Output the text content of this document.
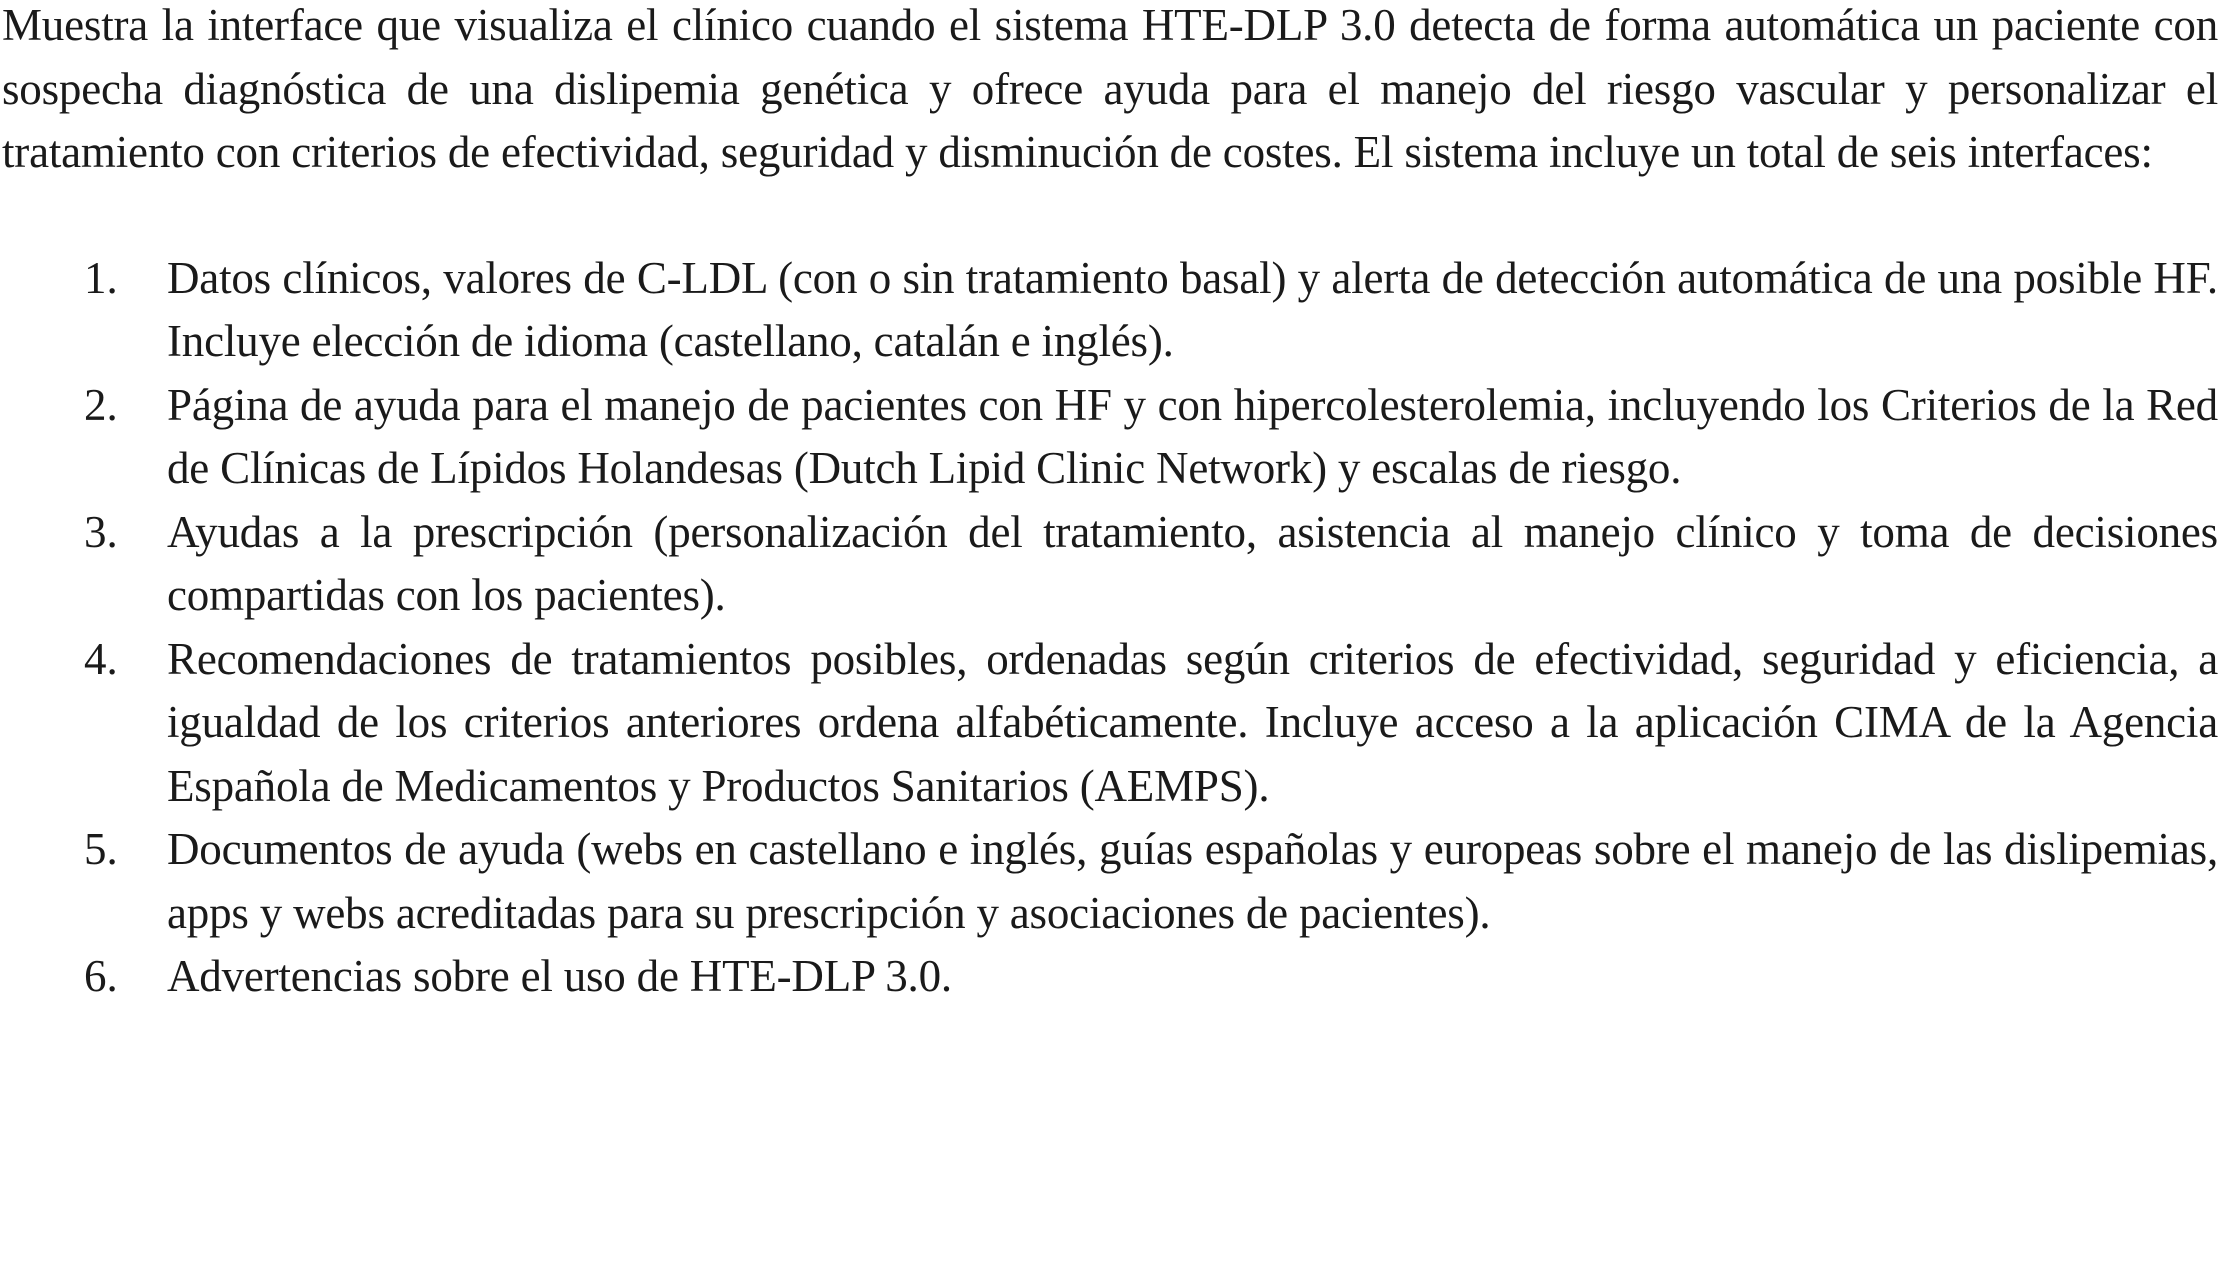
Muestra la interface que visualiza el clínico cuando el sistema HTE-DLP 3.0 detecta de forma automática un paciente con sospecha diagnóstica de una dislipemia genética y ofrece ayuda para el manejo del riesgo vascular y personalizar el tratamiento con criterios de efectividad, seguridad y disminución de costes. El sistema incluye un total de seis interfaces:

1.	Datos clínicos, valores de C-LDL (con o sin tratamiento basal) y alerta de detección automática de una posible HF. Incluye elección de idioma (castellano, catalán e inglés).
2.	Página de ayuda para el manejo de pacientes con HF y con hipercolesterolemia, incluyendo los Criterios de la Red de Clínicas de Lípidos Holandesas (Dutch Lipid Clinic Network) y escalas de riesgo.
3.	Ayudas a la prescripción (personalización del tratamiento, asistencia al manejo clínico y toma de decisiones compartidas con los pacientes).
4.	Recomendaciones de tratamientos posibles, ordenadas según criterios de efectividad, seguridad y eficiencia, a igualdad de los criterios anteriores ordena alfabéticamente. Incluye acceso a la aplicación CIMA de la Agencia Española de Medicamentos y Productos Sanitarios (AEMPS).
5.	Documentos de ayuda (webs en castellano e inglés, guías españolas y europeas sobre el manejo de las dislipemias, apps y webs acreditadas para su prescripción y asociaciones de pacientes).
6.	Advertencias sobre el uso de HTE-DLP 3.0.
